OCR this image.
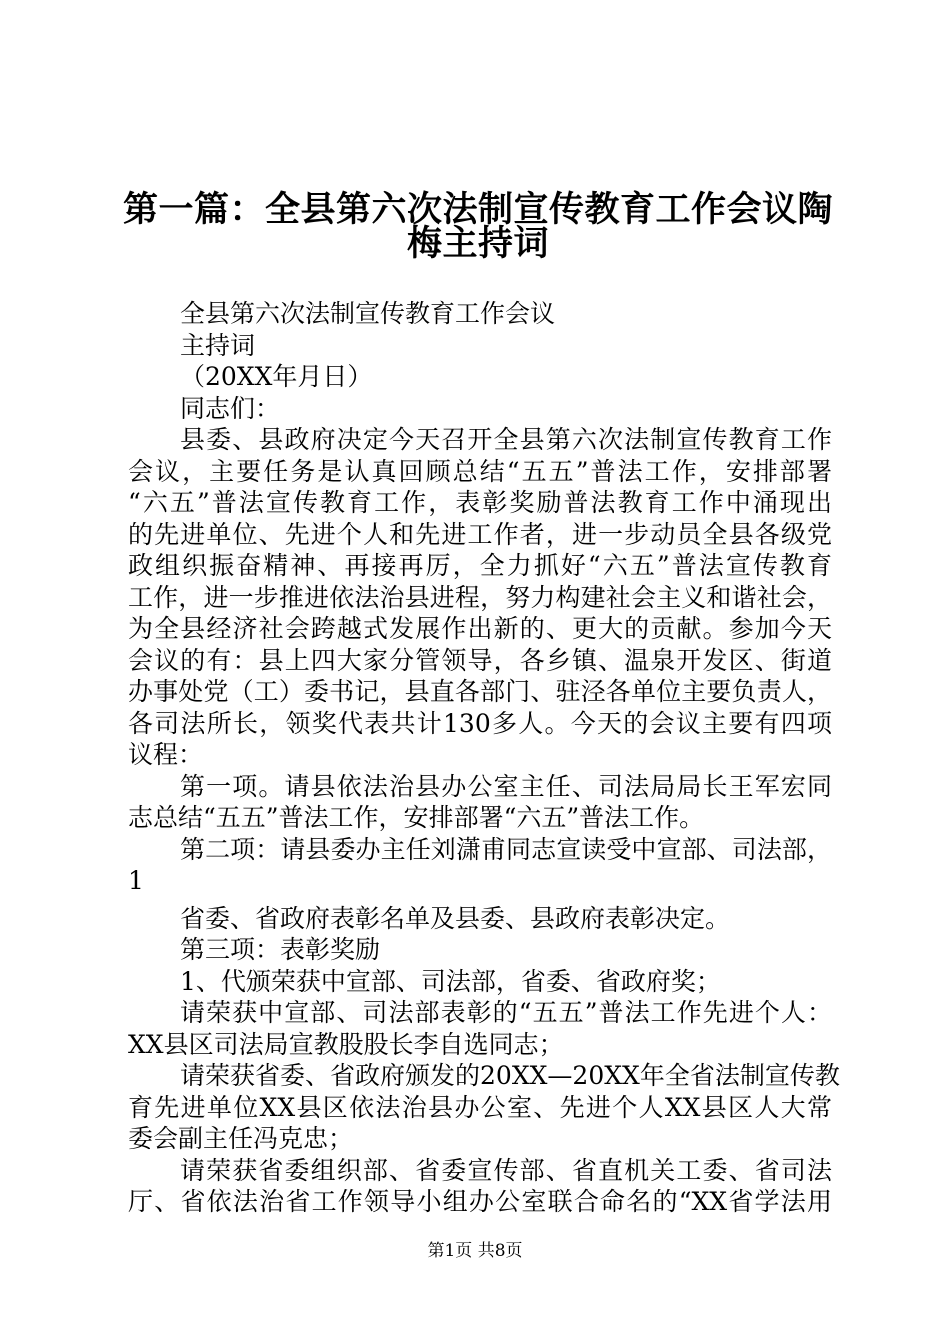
第一篇：全县第六次法制宣传教育工作会议陶
梅主持词
全县第六次法制宣传教育工作会议
主持词
（20XX年月日）
同志们：
县委、县政府决定今天召开全县第六次法制宣传教育工作
会议，主要任务是认真回顾总结“五五”普法工作，安排部署
“六五”普法宣传教育工作，表彰奖励普法教育工作中涌现出
的先进单位、先进个人和先进工作者，进一步动员全县各级党
政组织振奋精神、再接再厉，全力抓好“六五”普法宣传教育
工作，进一步推进依法治县进程，努力构建社会主义和谐社会，
为全县经济社会跨越式发展作出新的、更大的贡献。参加今天
会议的有：县上四大家分管领导，各乡镇、温泉开发区、街道
办事处党（工）委书记，县直各部门、驻泾各单位主要负责人，
各司法所长，领奖代表共计130多人。今天的会议主要有四项
议程：
第一项。请县依法治县办公室主任、司法局局长王军宏同
志总结“五五”普法工作，安排部署“六五”普法工作。
第二项：请县委办主任刘潇甫同志宣读受中宣部、司法部，
1
省委、省政府表彰名单及县委、县政府表彰决定。
第三项：表彰奖励
1、代颁荣获中宣部、司法部，省委、省政府奖；
请荣获中宣部、司法部表彰的“五五”普法工作先进个人：
XX县区司法局宣教股股长李自选同志；
请荣获省委、省政府颁发的20XX—20XX年全省法制宣传教
育先进单位XX县区依法治县办公室、先进个人XX县区人大常
委会副主任冯克忠；
请荣获省委组织部、省委宣传部、省直机关工委、省司法
厅、省依法治省工作领导小组办公室联合命名的“XX省学法用
第1页 共8页
